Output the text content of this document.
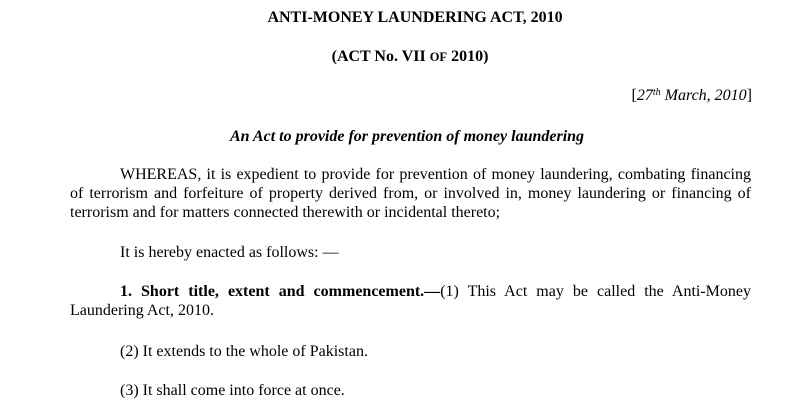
ANTI-MONEY LAUNDERING ACT, 2010
(ACT No. VII OF 2010)
[27th March, 2010]
An Act to provide for prevention of money laundering

WHEREAS, it is expedient to provide for prevention of money laundering, combating financing of terrorism and forfeiture of property derived from, or involved in, money laundering or financing of terrorism and for matters connected therewith or incidental thereto;

It is hereby enacted as follows: —

1. Short title, extent and commencement.—(1) This Act may be called the Anti-Money Laundering Act, 2010.

(2) It extends to the whole of Pakistan.

(3) It shall come into force at once.
